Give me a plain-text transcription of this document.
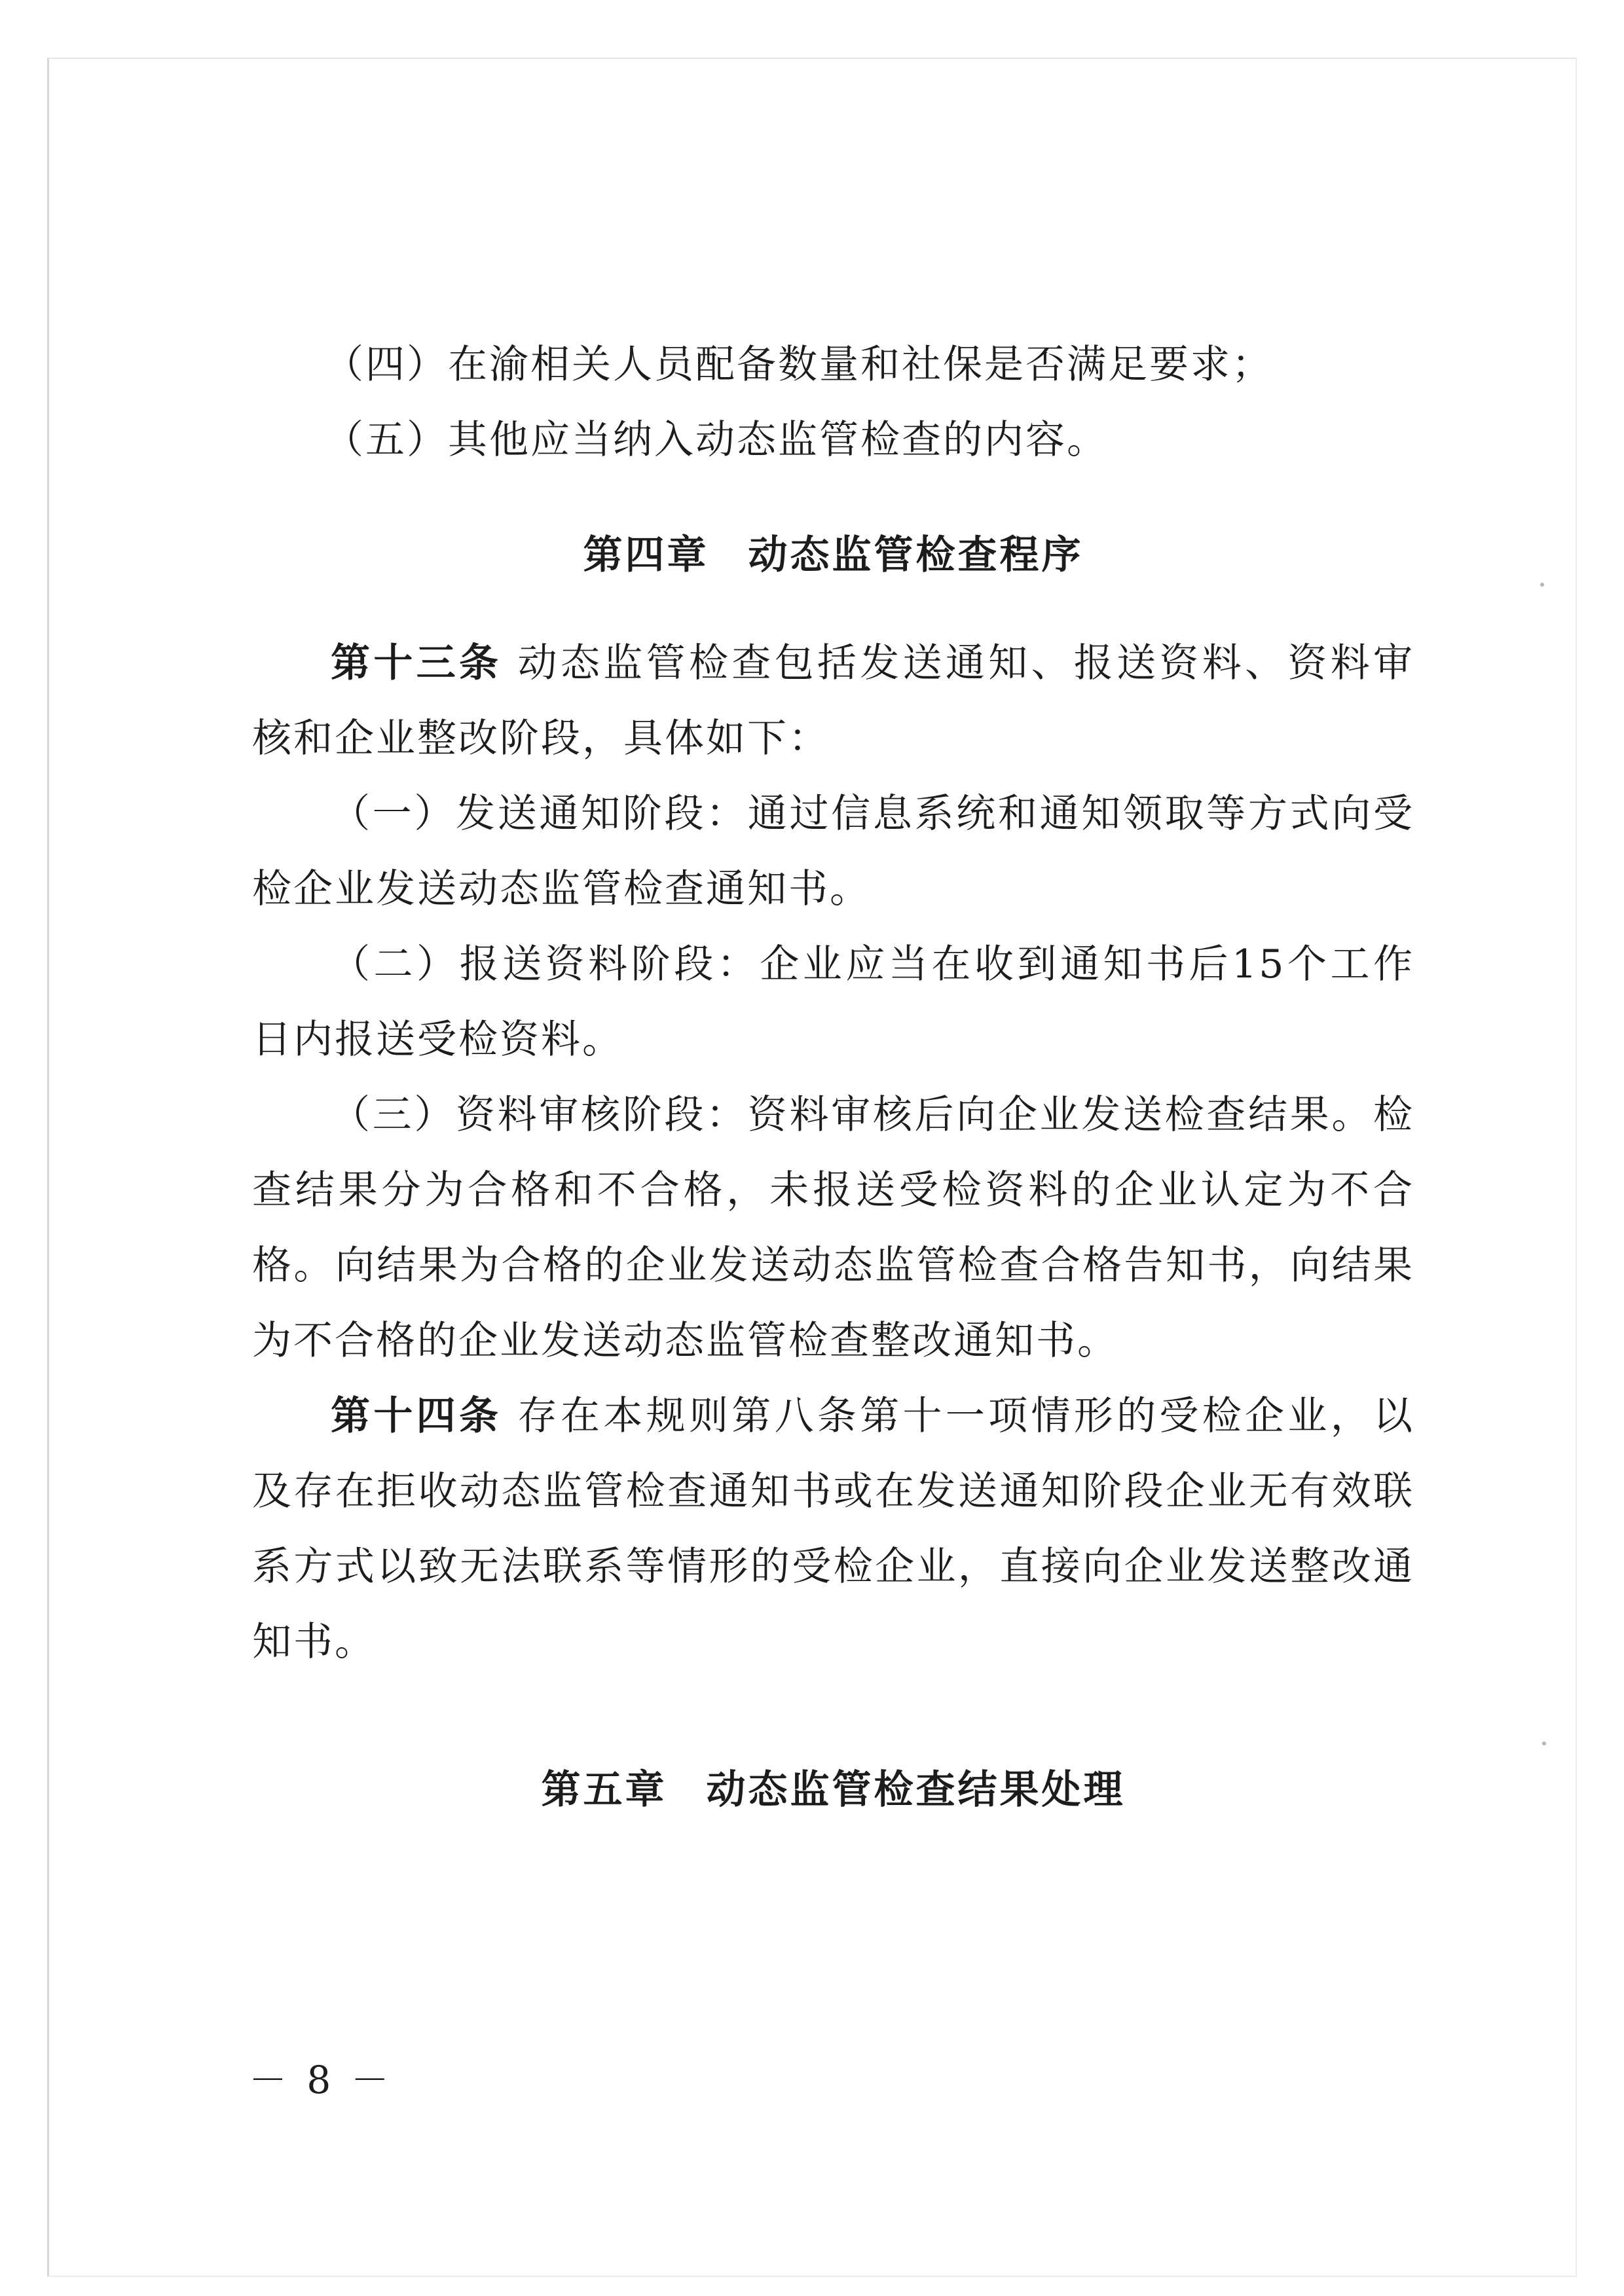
（四）在渝相关人员配备数量和社保是否满足要求；

（五）其他应当纳入动态监管检查的内容。

第四章 动态监管检查程序

第十三条 动态监管检查包括发送通知、报送资料、资料审核和企业整改阶段，具体如下：

（一）发送通知阶段：通过信息系统和通知领取等方式向受检企业发送动态监管检查通知书。

（二）报送资料阶段：企业应当在收到通知书后15个工作日内报送受检资料。

（三）资料审核阶段：资料审核后向企业发送检查结果。检查结果分为合格和不合格，未报送受检资料的企业认定为不合格。向结果为合格的企业发送动态监管检查合格告知书，向结果为不合格的企业发送动态监管检查整改通知书。

第十四条 存在本规则第八条第十一项情形的受检企业，以及存在拒收动态监管检查通知书或在发送通知阶段企业无有效联系方式以致无法联系等情形的受检企业，直接向企业发送整改通知书。

第五章 动态监管检查结果处理
－ 8 －
